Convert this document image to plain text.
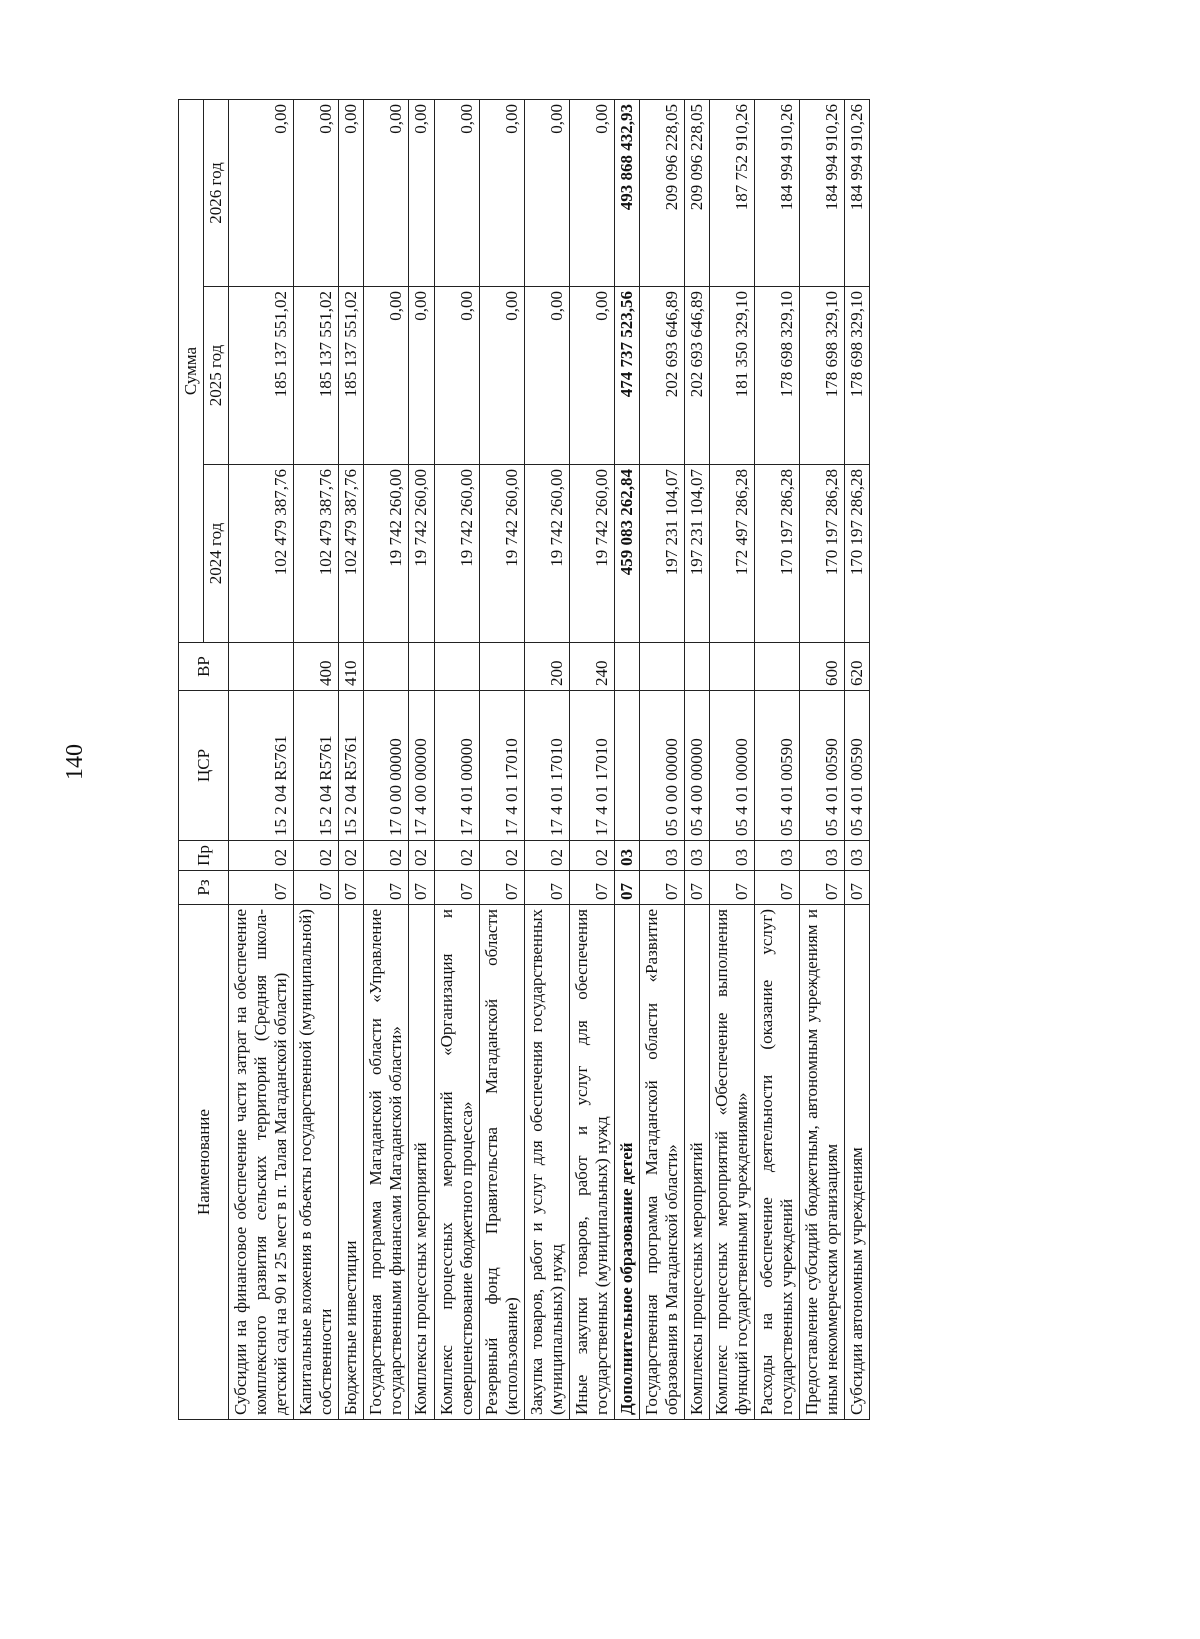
140
Наименование	Рз	Пр	ЦСР	ВР	Сумма		
					2024 год	2025 год	2026 год
Субсидии на финансовое обеспечение части затрат на обеспечение комплексного развития сельских территорий (Средняя школа-детский сад на 90 и 25 мест в п. Талая Магаданской области)	07	02	15 2 04 R5761		102 479 387,76	185 137 551,02	0,00
Капитальные вложения в объекты государственной (муниципальной) собственности	07	02	15 2 04 R5761	400	102 479 387,76	185 137 551,02	0,00
Бюджетные инвестиции	07	02	15 2 04 R5761	410	102 479 387,76	185 137 551,02	0,00
Государственная программа Магаданской области «Управление государственными финансами Магаданской области»	07	02	17 0 00 00000		19 742 260,00	0,00	0,00
Комплексы процессных мероприятий	07	02	17 4 00 00000		19 742 260,00	0,00	0,00
Комплекс процессных мероприятий «Организация и совершенствование бюджетного процесса»	07	02	17 4 01 00000		19 742 260,00	0,00	0,00
Резервный фонд Правительства Магаданской области (использование)	07	02	17 4 01 17010		19 742 260,00	0,00	0,00
Закупка товаров, работ и услуг для обеспечения государственных (муниципальных) нужд	07	02	17 4 01 17010	200	19 742 260,00	0,00	0,00
Иные закупки товаров, работ и услуг для обеспечения государственных (муниципальных) нужд	07	02	17 4 01 17010	240	19 742 260,00	0,00	0,00
Дополнительное образование детей	07	03			459 083 262,84	474 737 523,56	493 868 432,93
Государственная программа Магаданской области «Развитие образования в Магаданской области»	07	03	05 0 00 00000		197 231 104,07	202 693 646,89	209 096 228,05
Комплексы процессных мероприятий	07	03	05 4 00 00000		197 231 104,07	202 693 646,89	209 096 228,05
Комплекс процессных мероприятий «Обеспечение выполнения функций государственными учреждениями»	07	03	05 4 01 00000		172 497 286,28	181 350 329,10	187 752 910,26
Расходы на обеспечение деятельности (оказание услуг) государственных учреждений	07	03	05 4 01 00590		170 197 286,28	178 698 329,10	184 994 910,26
Предоставление субсидий бюджетным, автономным учреждениям и иным некоммерческим организациям	07	03	05 4 01 00590	600	170 197 286,28	178 698 329,10	184 994 910,26
Субсидии автономным учреждениям	07	03	05 4 01 00590	620	170 197 286,28	178 698 329,10	184 994 910,26
